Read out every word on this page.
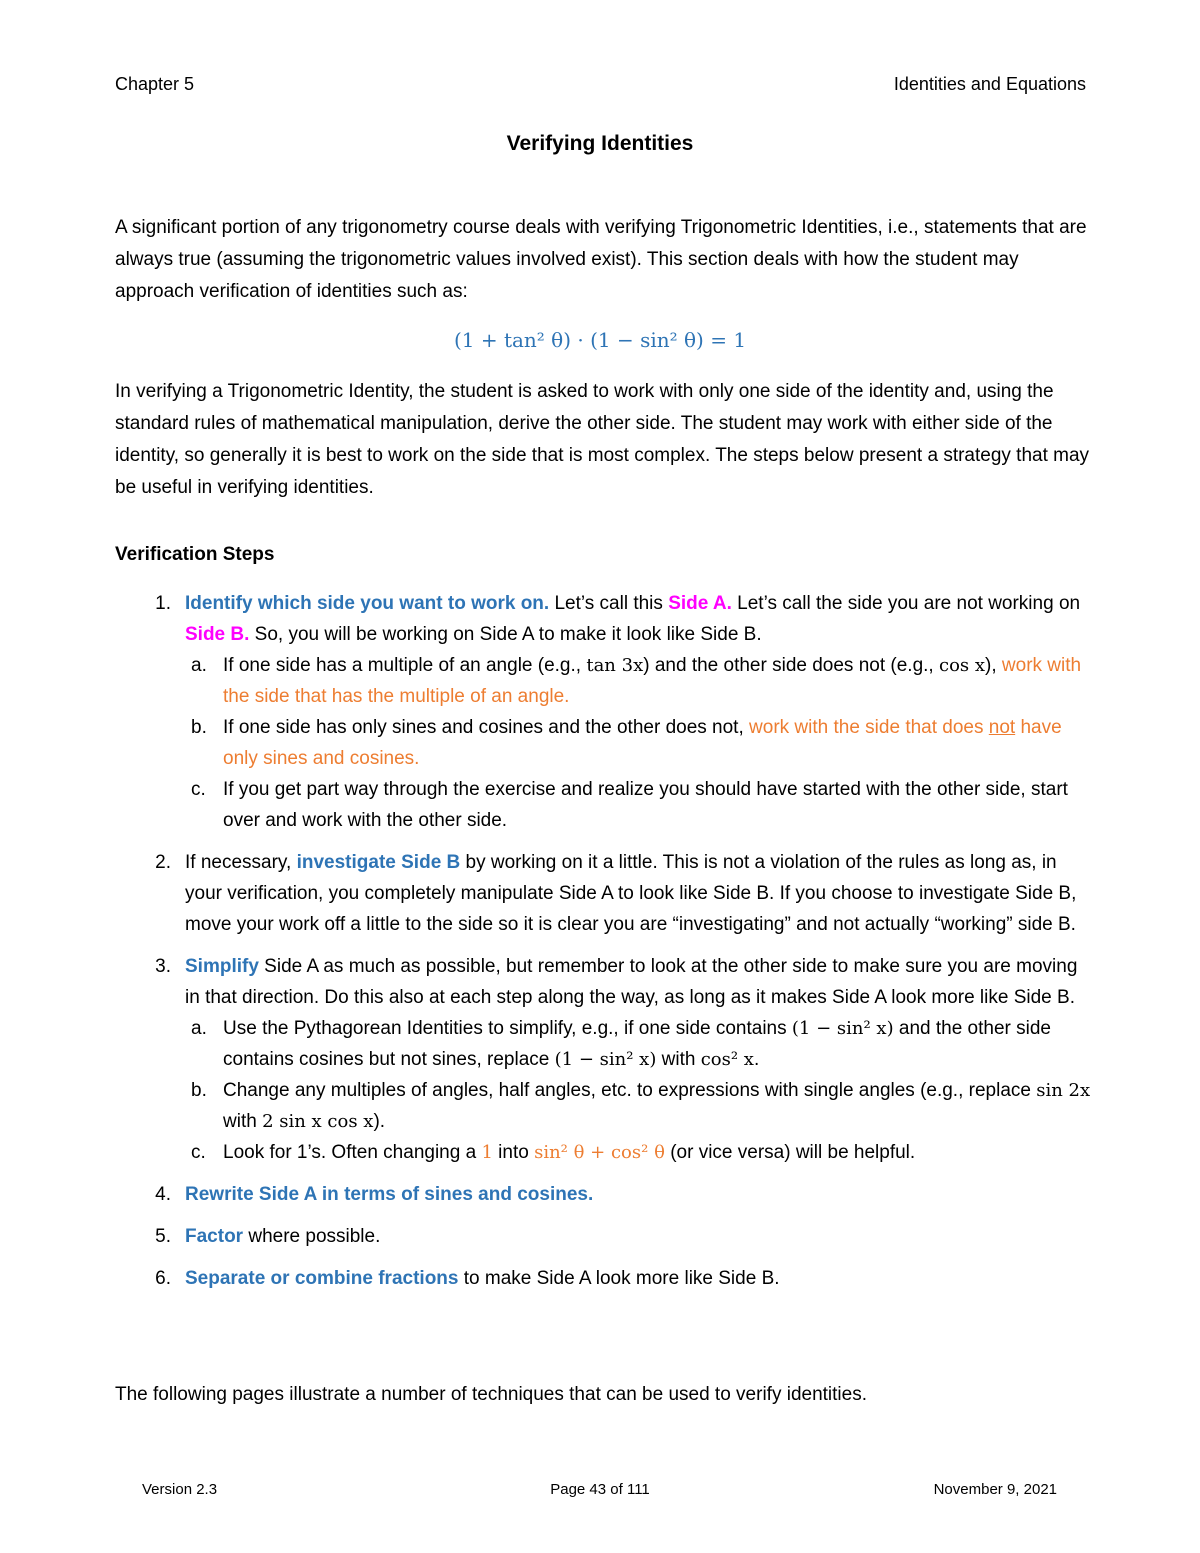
Chapter 5	Identities and Equations
Verifying Identities
A significant portion of any trigonometry course deals with verifying Trigonometric Identities, i.e., statements that are always true (assuming the trigonometric values involved exist). This section deals with how the student may approach verification of identities such as:
(1 + tan² θ) · (1 − sin² θ) = 1
In verifying a Trigonometric Identity, the student is asked to work with only one side of the identity and, using the standard rules of mathematical manipulation, derive the other side. The student may work with either side of the identity, so generally it is best to work on the side that is most complex. The steps below present a strategy that may be useful in verifying identities.
Verification Steps
1. Identify which side you want to work on. Let’s call this Side A. Let’s call the side you are not working on Side B. So, you will be working on Side A to make it look like Side B.
a. If one side has a multiple of an angle (e.g., tan 3x) and the other side does not (e.g., cos x), work with the side that has the multiple of an angle.
b. If one side has only sines and cosines and the other does not, work with the side that does not have only sines and cosines.
c. If you get part way through the exercise and realize you should have started with the other side, start over and work with the other side.
2. If necessary, investigate Side B by working on it a little. This is not a violation of the rules as long as, in your verification, you completely manipulate Side A to look like Side B. If you choose to investigate Side B, move your work off a little to the side so it is clear you are “investigating” and not actually “working” side B.
3. Simplify Side A as much as possible, but remember to look at the other side to make sure you are moving in that direction. Do this also at each step along the way, as long as it makes Side A look more like Side B.
a. Use the Pythagorean Identities to simplify, e.g., if one side contains (1 − sin² x) and the other side contains cosines but not sines, replace (1 − sin² x) with cos² x.
b. Change any multiples of angles, half angles, etc. to expressions with single angles (e.g., replace sin 2x with 2 sin x cos x).
c. Look for 1’s. Often changing a 1 into sin² θ + cos² θ (or vice versa) will be helpful.
4. Rewrite Side A in terms of sines and cosines.
5. Factor where possible.
6. Separate or combine fractions to make Side A look more like Side B.
The following pages illustrate a number of techniques that can be used to verify identities.
Version 2.3	Page 43 of 111	November 9, 2021
